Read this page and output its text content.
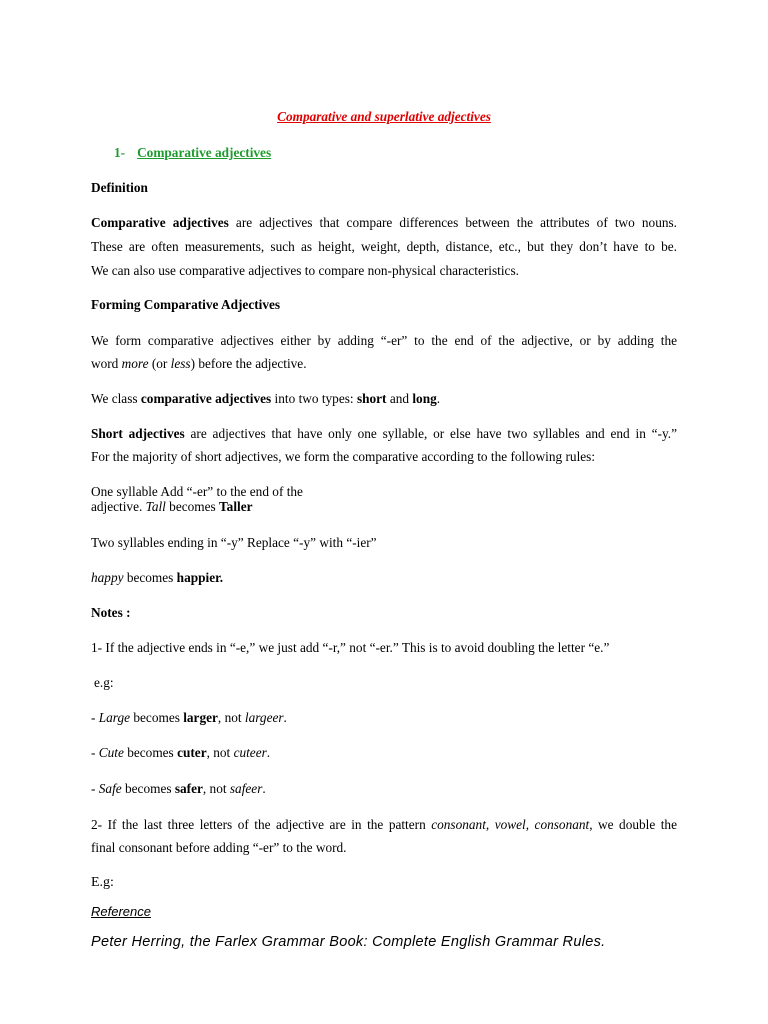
Comparative and superlative adjectives
1- Comparative adjectives
Definition
Comparative adjectives are adjectives that compare differences between the attributes of two nouns.
These are often measurements, such as height, weight, depth, distance, etc., but they don’t have to be.
We can also use comparative adjectives to compare non-physical characteristics.
Forming Comparative Adjectives
We form comparative adjectives either by adding “-er” to the end of the adjective, or by adding the
word more (or less) before the adjective.
We class comparative adjectives into two types: short and long.
Short adjectives are adjectives that have only one syllable, or else have two syllables and end in “-y.”
For the majority of short adjectives, we form the comparative according to the following rules:
One syllable Add “-er” to the end of the
adjective. Tall becomes Taller
Two syllables ending in “-y” Replace “-y” with “-ier”
happy becomes happier.
Notes :
1- If the adjective ends in “-e,” we just add “-r,” not “-er.” This is to avoid doubling the letter “e.”
e.g:
- Large becomes larger, not largeer.
- Cute becomes cuter, not cuteer.
- Safe becomes safer, not safeer.
2- If the last three letters of the adjective are in the pattern consonant, vowel, consonant, we double the
final consonant before adding “-er” to the word.
E.g:
Reference
Peter Herring, the Farlex Grammar Book: Complete English Grammar Rules.
